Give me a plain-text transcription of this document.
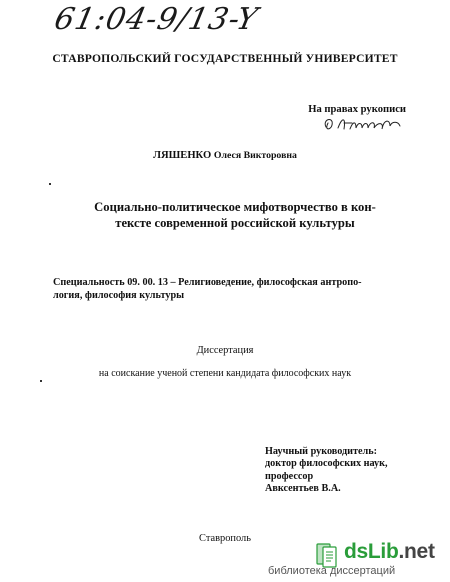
61:04-9/13-Y
СТАВРОПОЛЬСКИЙ ГОСУДАРСТВЕННЫЙ УНИВЕРСИТЕТ
На правах рукописи
ЛЯШЕНКО Олеся Викторовна
Социально-политическое мифотворчество в кон-
тексте современной российской культуры
Специальность 09. 00. 13 – Религиоведение, философская антропо-
логия, философия культуры
Диссертация
на соискание ученой степени кандидата философских наук
Научный руководитель:
доктор философских наук,
профессор
Авксентьев В.А.
Ставрополь
dsLib.net
библиотека диссертаций
